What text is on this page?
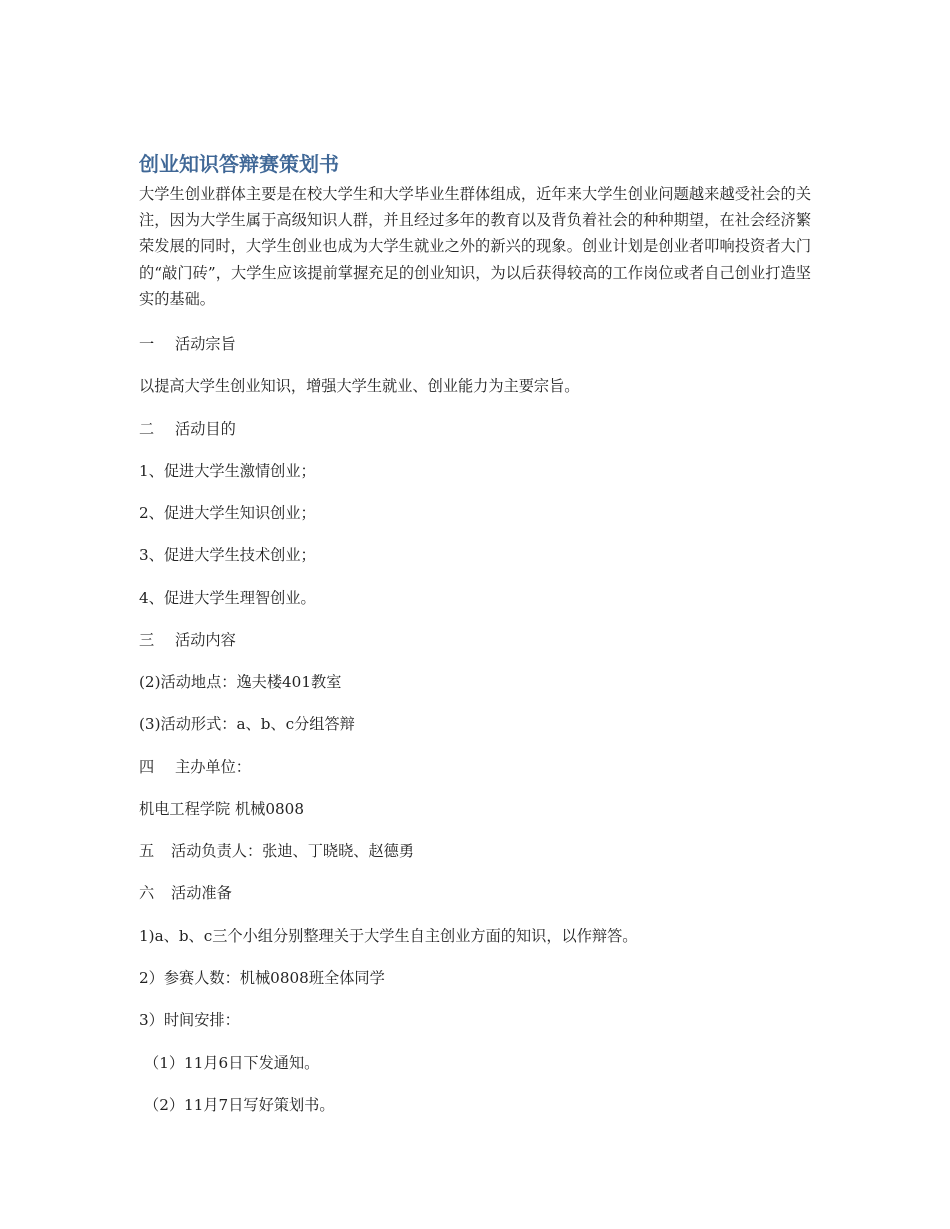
创业知识答辩赛策划书

大学生创业群体主要是在校大学生和大学毕业生群体组成，近年来大学生创业问题越来越受社会的关注，因为大学生属于高级知识人群，并且经过多年的教育以及背负着社会的种种期望，在社会经济繁荣发展的同时，大学生创业也成为大学生就业之外的新兴的现象。创业计划是创业者叩响投资者大门的“敲门砖”，大学生应该提前掌握充足的创业知识，为以后获得较高的工作岗位或者自己创业打造坚实的基础。

一 活动宗旨

以提高大学生创业知识，增强大学生就业、创业能力为主要宗旨。

二 活动目的

1、促进大学生激情创业；

2、促进大学生知识创业；

3、促进大学生技术创业；

4、促进大学生理智创业。

三 活动内容

(2)活动地点：逸夫楼401教室

(3)活动形式：a、b、c分组答辩

四 主办单位：

机电工程学院 机械0808

五 活动负责人：张迪、丁晓晓、赵德勇

六 活动准备

1)a、b、c三个小组分别整理关于大学生自主创业方面的知识，以作辩答。

2）参赛人数：机械0808班全体同学

3）时间安排：

（1）11月6日下发通知。

（2）11月7日写好策划书。
